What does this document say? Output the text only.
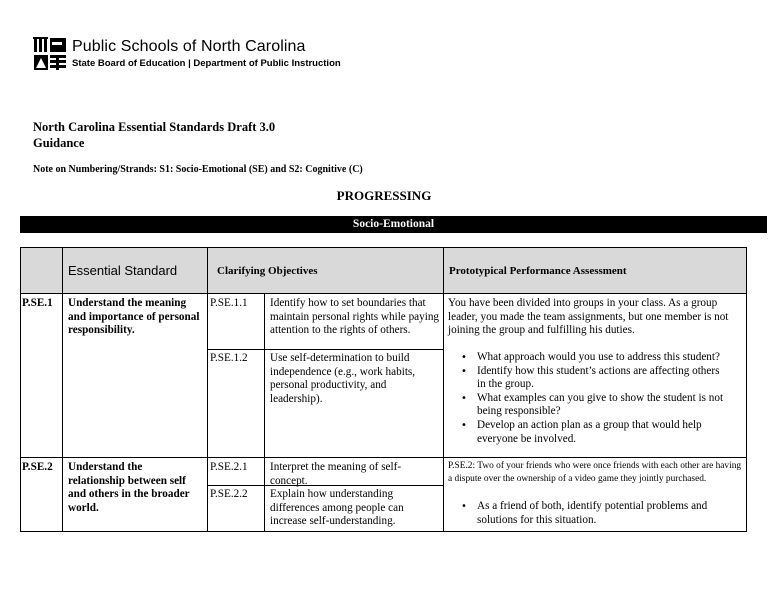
Public Schools of North Carolina
State Board of Education | Department of Public Instruction
North Carolina Essential Standards Draft 3.0
Guidance
Note on Numbering/Strands: S1: Socio-Emotional (SE) and S2: Cognitive (C)
PROGRESSING
Socio-Emotional
Essential Standard	Clarifying Objectives	Prototypical Performance Assessment
P.SE.1 Understand the meaning and importance of personal responsibility.
P.SE.1.1 Identify how to set boundaries that maintain personal rights while paying attention to the rights of others.
P.SE.1.2 Use self-determination to build independence (e.g., work habits, personal productivity, and leadership).
You have been divided into groups in your class. As a group leader, you made the team assignments, but one member is not joining the group and fulfilling his duties.
• What approach would you use to address this student?
• Identify how this student’s actions are affecting others in the group.
• What examples can you give to show the student is not being responsible?
• Develop an action plan as a group that would help everyone be involved.
P.SE.2 Understand the relationship between self and others in the broader world.
P.SE.2.1 Interpret the meaning of self-concept.
P.SE.2.2 Explain how understanding differences among people can increase self-understanding.
P.SE.2: Two of your friends who were once friends with each other are having a dispute over the ownership of a video game they jointly purchased.
• As a friend of both, identify potential problems and solutions for this situation.
